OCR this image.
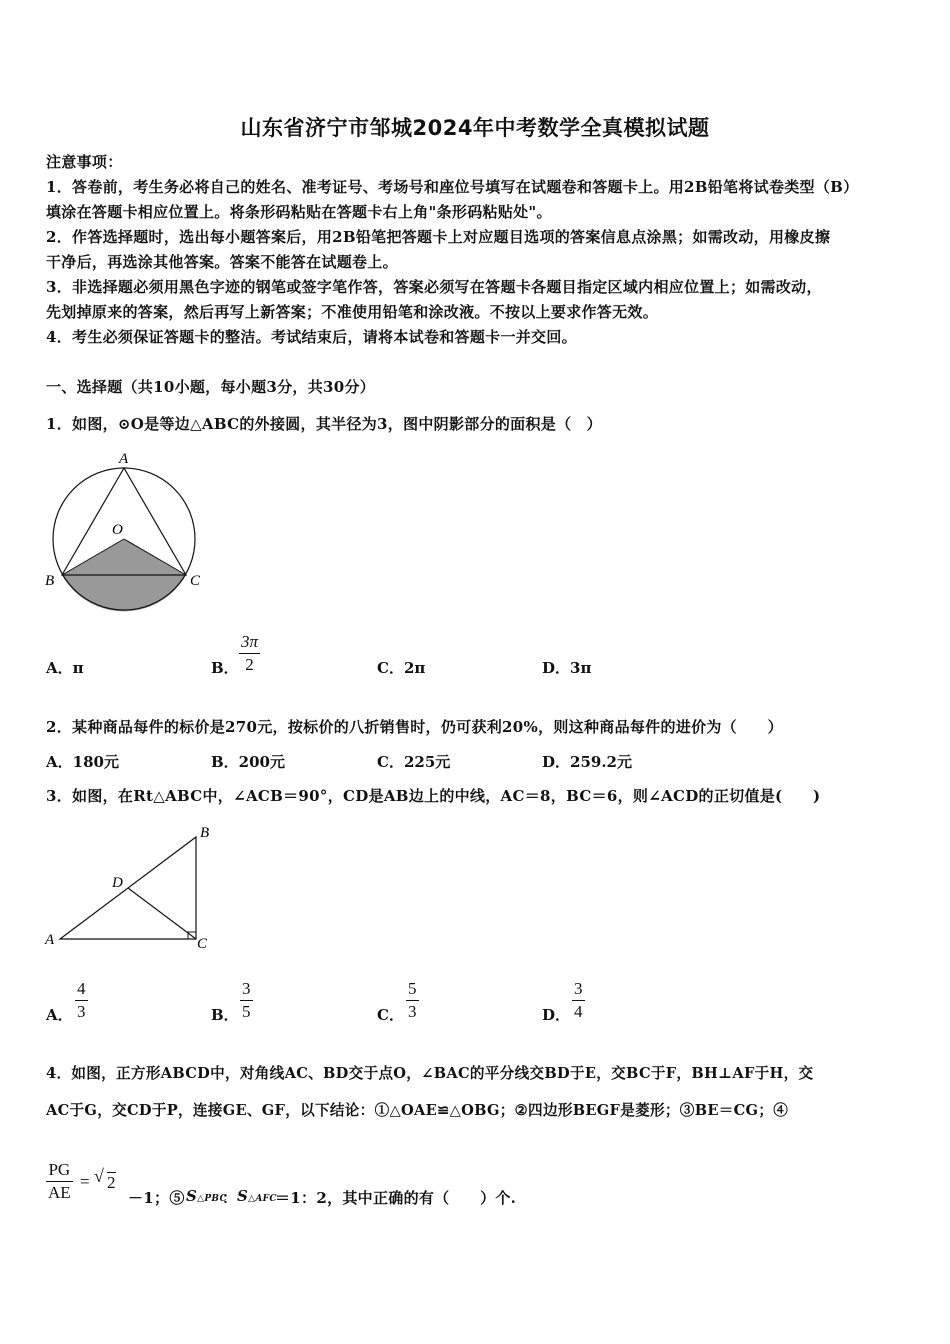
山东省济宁市邹城2024年中考数学全真模拟试题
注意事项：
1．答卷前，考生务必将自己的姓名、准考证号、考场号和座位号填写在试题卷和答题卡上。用2B铅笔将试卷类型（B）
填涂在答题卡相应位置上。将条形码粘贴在答题卡右上角"条形码粘贴处"。
2．作答选择题时，选出每小题答案后，用2B铅笔把答题卡上对应题目选项的答案信息点涂黑；如需改动，用橡皮擦
干净后，再选涂其他答案。答案不能答在试题卷上。
3．非选择题必须用黑色字迹的钢笔或签字笔作答，答案必须写在答题卡各题目指定区域内相应位置上；如需改动，
先划掉原来的答案，然后再写上新答案；不准使用铅笔和涂改液。不按以上要求作答无效。
4．考生必须保证答题卡的整洁。考试结束后，请将本试卷和答题卡一并交回。
一、选择题（共10小题，每小题3分，共30分）
1．如图，⊙O是等边△ABC的外接圆，其半径为3，图中阴影部分的面积是（　）
A
O
B	C
A．π	B．
3π
2	C．2π	D．3π
2．某种商品每件的标价是270元，按标价的八折销售时，仍可获利20%，则这种商品每件的进价为（　　）
A．180元	B．200元	C．225元	D．259.2元
3．如图，在Rt△ABC中，∠ACB＝90°，CD是AB边上的中线，AC＝8，BC＝6，则∠ACD的正切值是(　　)
A
B
C
D
A．
4
3	B．
3
5	C．
5
3	D．
3
4
4．如图，正方形ABCD中，对角线AC、BD交于点O，∠BAC的平分线交BD于E，交BC于F，BH⊥AF于H，交
AC于G，交CD于P，连接GE、GF，以下结论：①△OAE≌△OBG；②四边形BEGF是菱形；③BE＝CG；④
PG
AE
= √ 2
－1；⑤ S△PBC
： S△AFC
＝1：2，其中正确的有（　　）个.
